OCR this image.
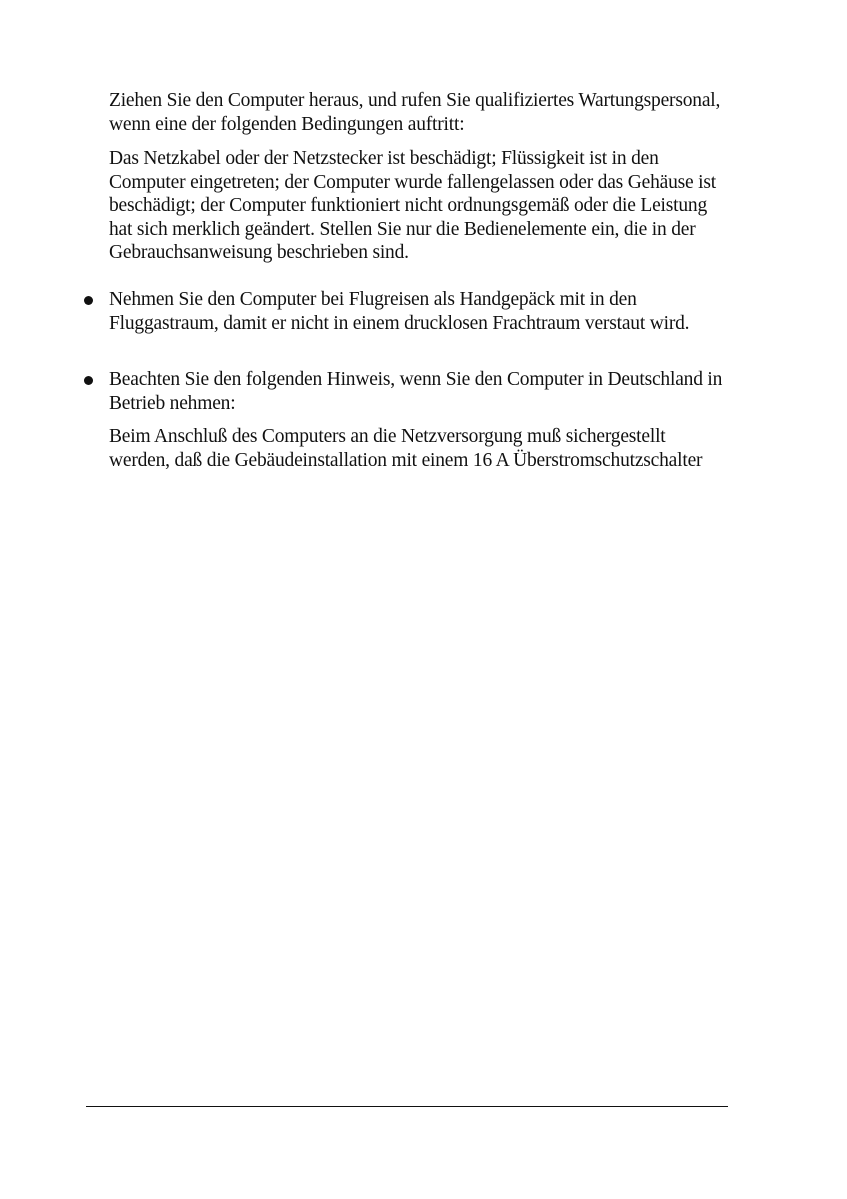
Ziehen Sie den Computer heraus, und rufen Sie qualifiziertes Wartungspersonal, wenn eine der folgenden Bedingungen auftritt:

Das Netzkabel oder der Netzstecker ist beschädigt; Flüssigkeit ist in den Computer eingetreten; der Computer wurde fallengelassen oder das Gehäuse ist beschädigt; der Computer funktioniert nicht ordnungsgemäß oder die Leistung hat sich merklich geändert. Stellen Sie nur die Bedienelemente ein, die in der Gebrauchsanweisung beschrieben sind.

Nehmen Sie den Computer bei Flugreisen als Handgepäck mit in den Fluggastraum, damit er nicht in einem drucklosen Frachtraum verstaut wird.

Beachten Sie den folgenden Hinweis, wenn Sie den Computer in Deutschland in Betrieb nehmen:

Beim Anschluß des Computers an die Netzversorgung muß sichergestellt werden, daß die Gebäudeinstallation mit einem 16 A Überstromschutzschalter
